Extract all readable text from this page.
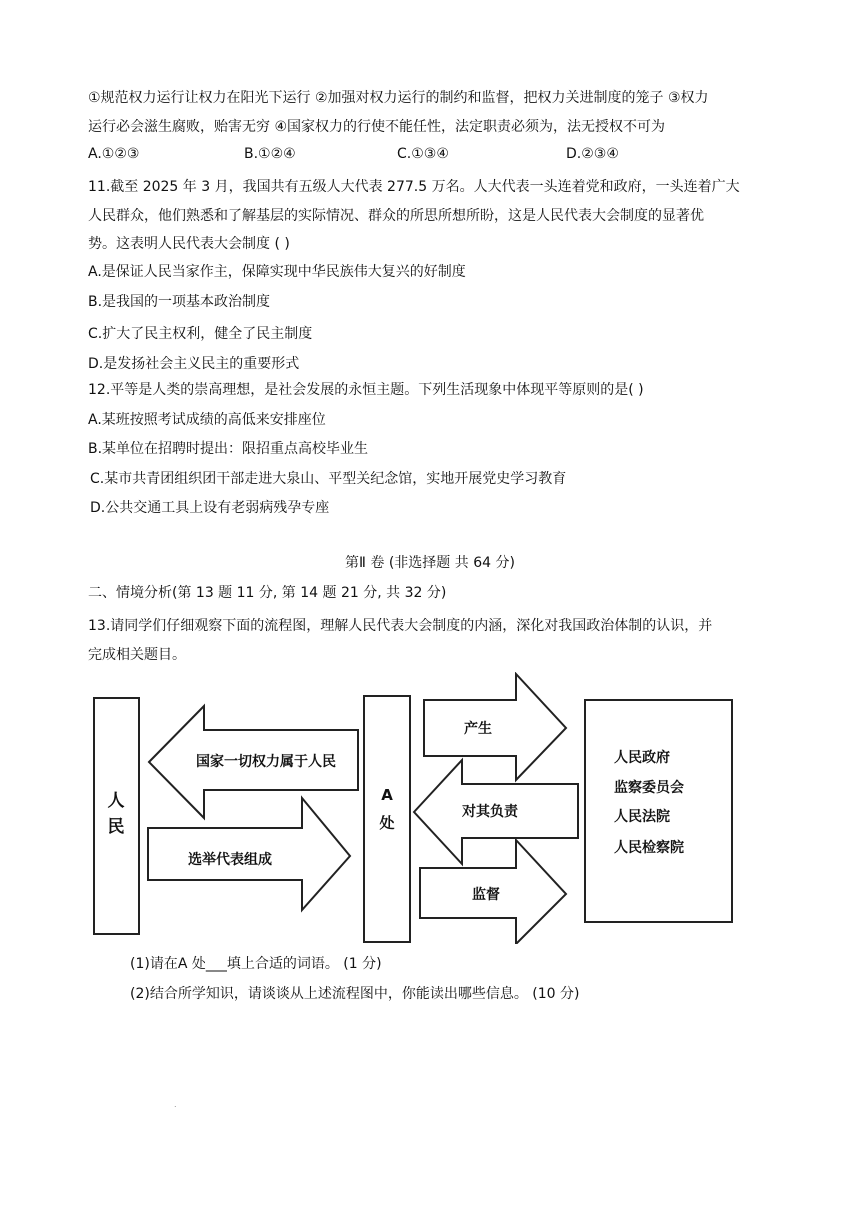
①规范权力运行让权力在阳光下运行 ②加强对权力运行的制约和监督，把权力关进制度的笼子 ③权力
运行必会滋生腐败，贻害无穷 ④国家权力的行使不能任性，法定职责必须为，法无授权不可为
A.①②③	B.①②④	C.①③④	D.②③④
11.截至 2025 年 3 月，我国共有五级人大代表 277.5 万名。人大代表一头连着党和政府，一头连着广大
人民群众，他们熟悉和了解基层的实际情况、群众的所思所想所盼，这是人民代表大会制度的显著优
势。这表明人民代表大会制度 ( )
A.是保证人民当家作主，保障实现中华民族伟大复兴的好制度
B.是我国的一项基本政治制度
C.扩大了民主权利，健全了民主制度
D.是发扬社会主义民主的重要形式
12.平等是人类的崇高理想，是社会发展的永恒主题。下列生活现象中体现平等原则的是( )
A.某班按照考试成绩的高低来安排座位
B.某单位在招聘时提出：限招重点高校毕业生
C.某市共青团组织团干部走进大泉山、平型关纪念馆，实地开展党史学习教育
D.公共交通工具上设有老弱病残孕专座
第Ⅱ 卷 (非选择题 共 64 分)
二、情境分析(第 13 题 11 分, 第 14 题 21 分, 共 32 分)
13.请同学们仔细观察下面的流程图，理解人民代表大会制度的内涵，深化对我国政治体制的认识，并
完成相关题目。
人
民
A
处
国家一切权力属于人民
选举代表组成
产生
对其负责
监督
人民政府
监察委员会
人民法院
人民检察院
(1)请在A 处___填上合适的词语。 (1 分)
(2)结合所学知识，请谈谈从上述流程图中，你能读出哪些信息。 (10 分)
.
